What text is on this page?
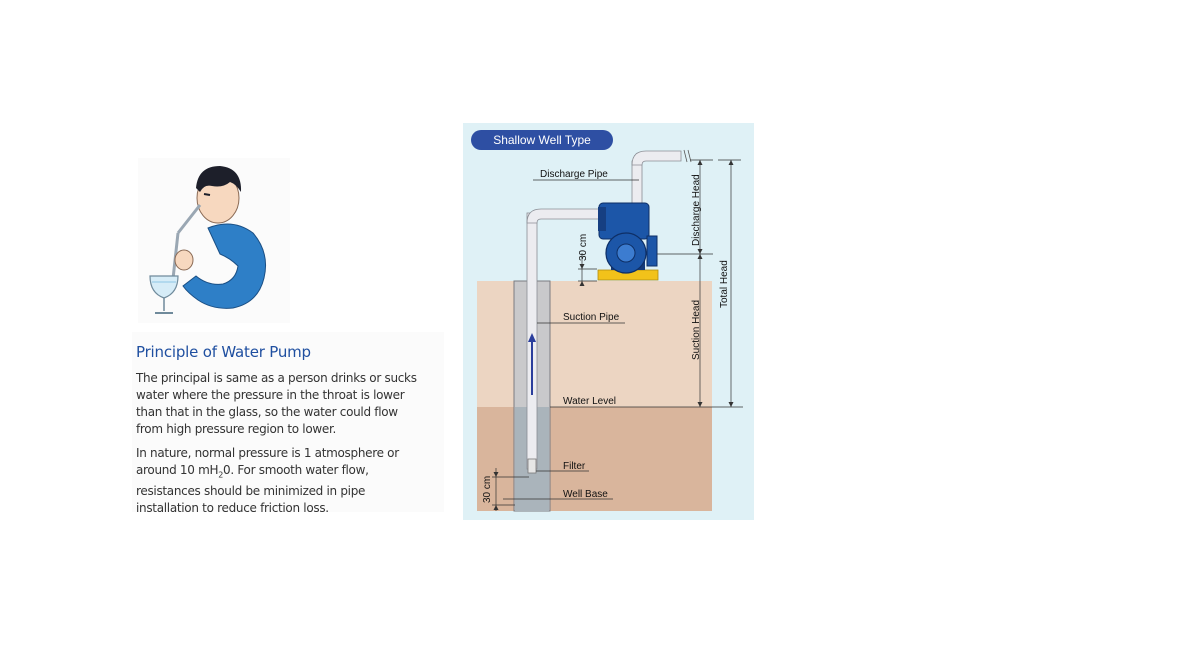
Principle of Water Pump
The principal is same as a person drinks or sucks water where the pressure in the throat is lower than that in the glass, so the water could flow from high pressure region to lower.
In nature, normal pressure is 1 atmosphere or around 10 $mH_20$. For smooth water flow, resistances should be minimized in pipe installation to reduce friction loss.
Shallow Well Type
Discharge Pipe
Suction Pipe
Water Level
Filter
Well Base
30 cm
30 cm
Discharge Head
Suction Head
Total Head
